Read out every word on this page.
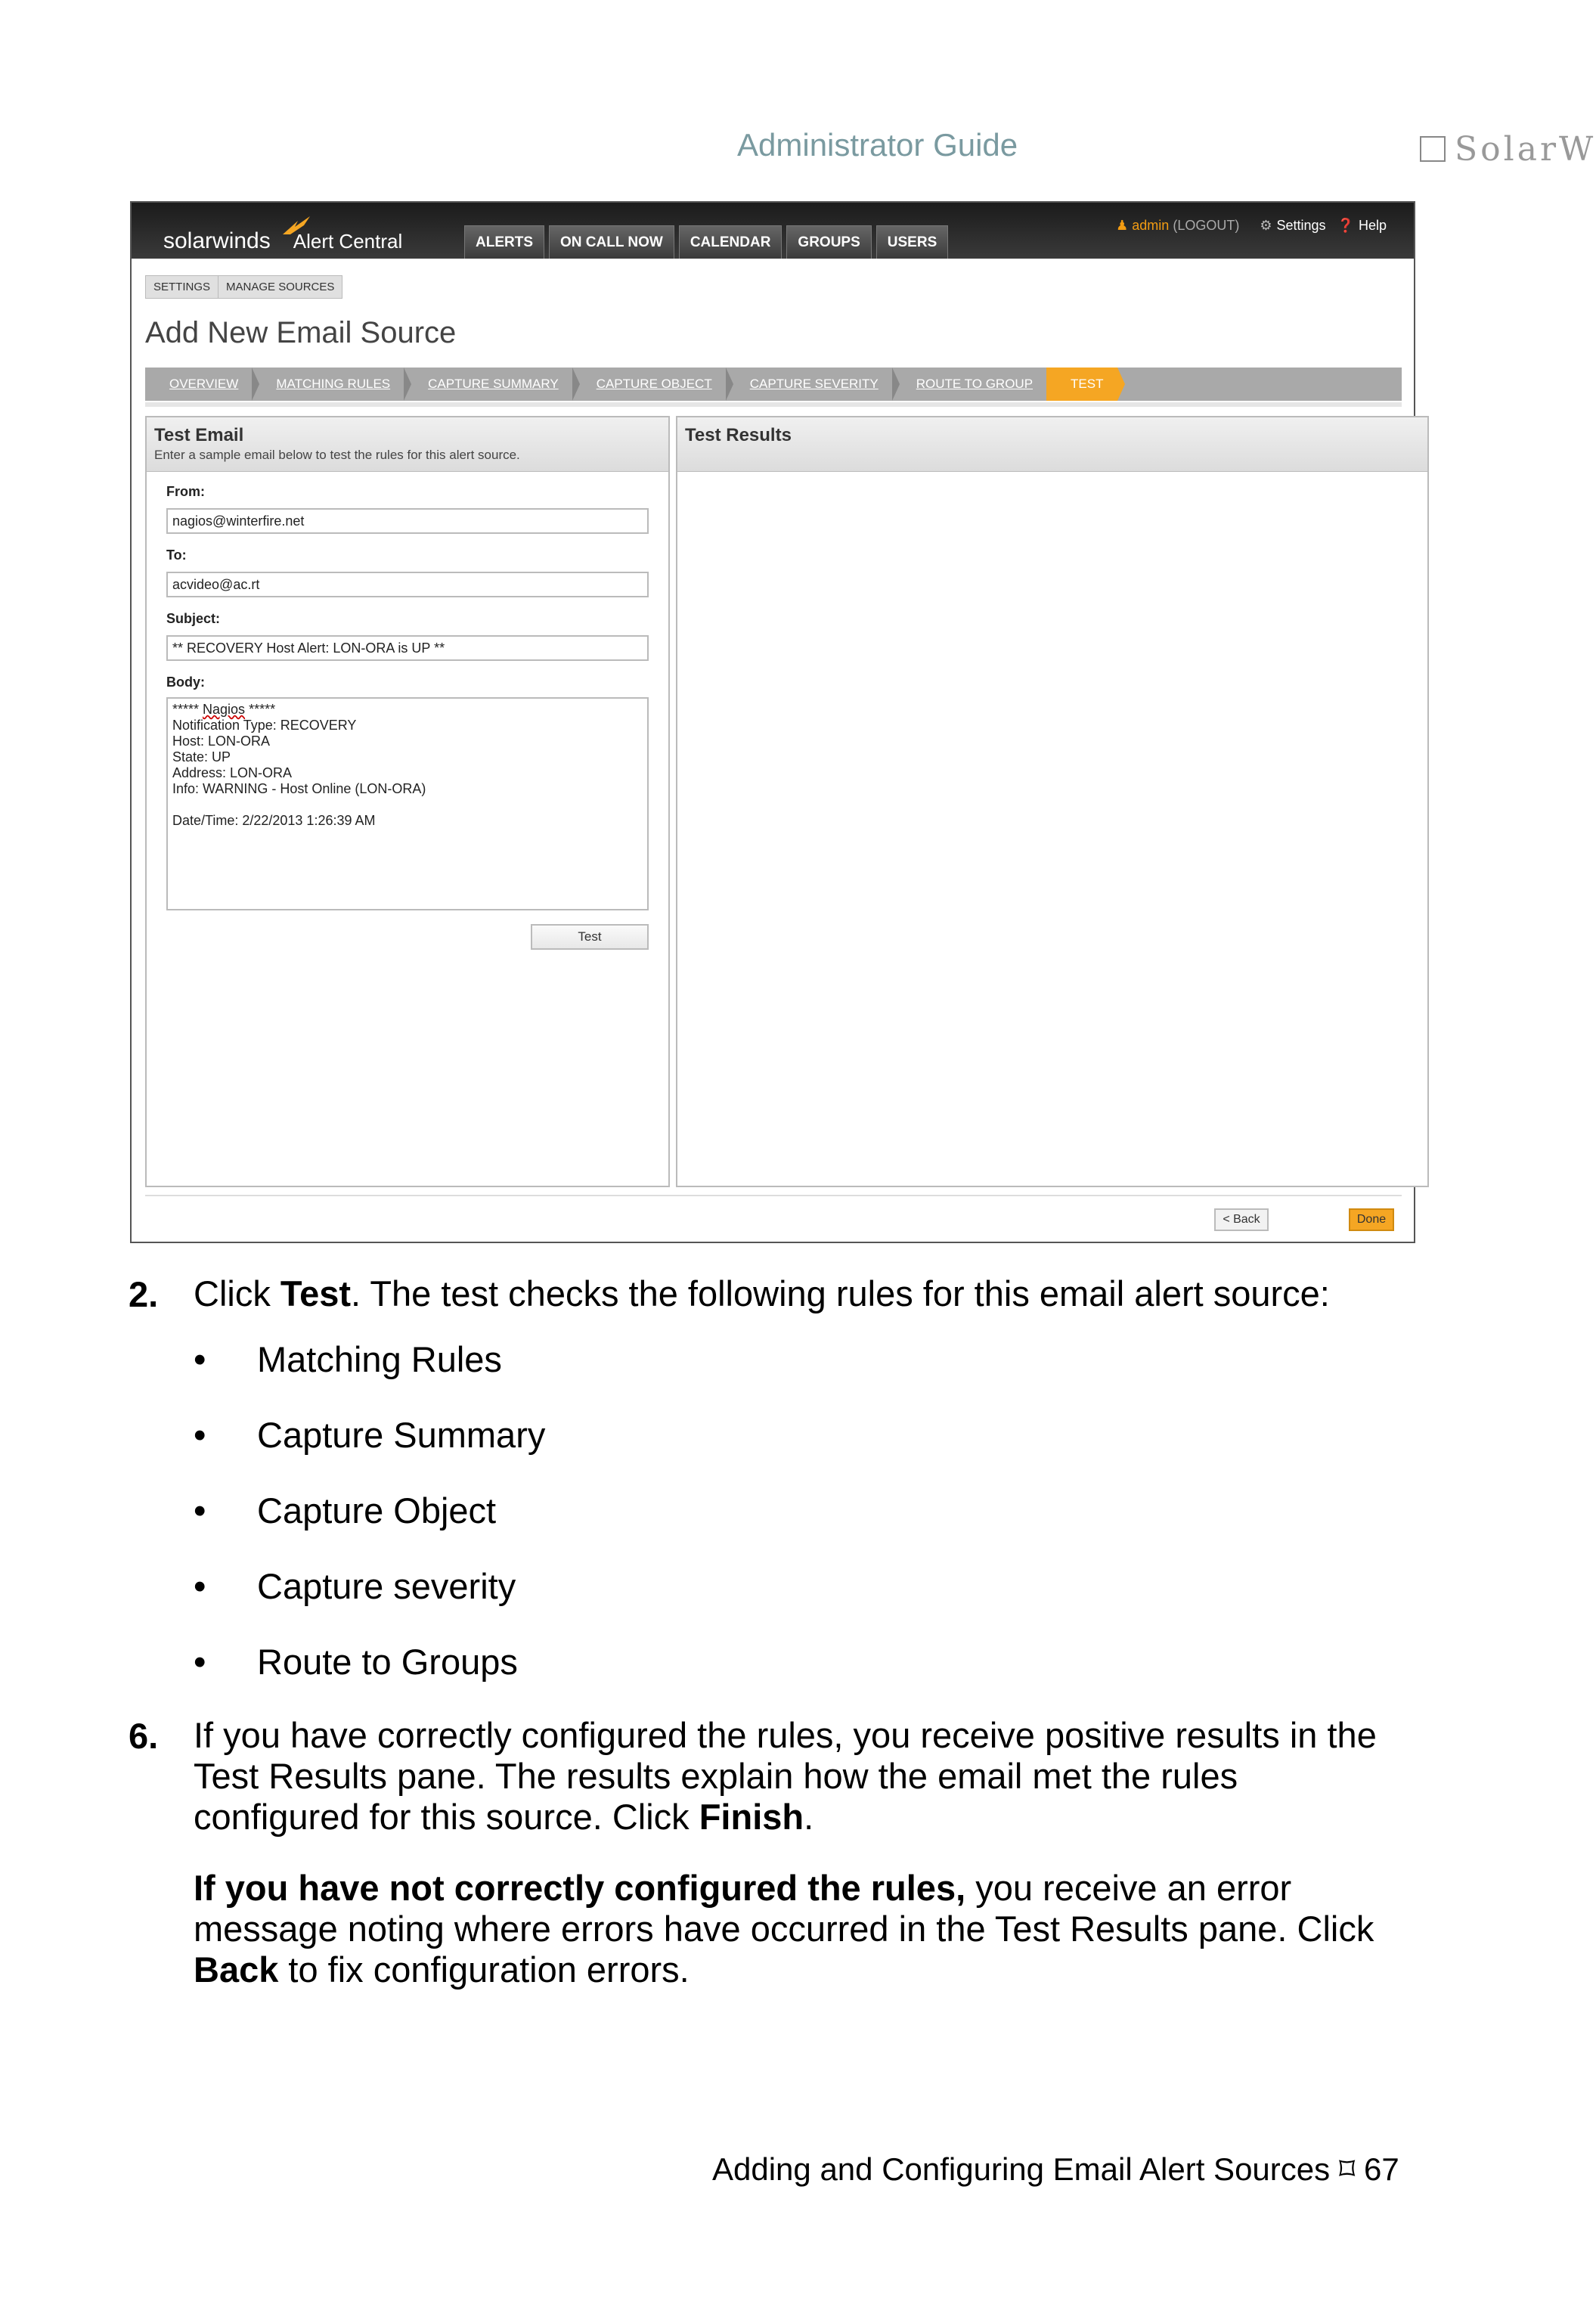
Administrator Guide	SolarW
solarwinds Alert Central	ALERTS	ON CALL NOW	CALENDAR	GROUPS	USERS
♟ admin (LOGOUT) ⚙ Settings ❓ Help
SETTINGS	MANAGE SOURCES
Add New Email Source
OVERVIEW	MATCHING RULES	CAPTURE SUMMARY	CAPTURE OBJECT	CAPTURE SEVERITY	ROUTE TO GROUP	TEST
Test Email
Enter a sample email below to test the rules for this alert source.
From:
nagios@winterfire.net
To:
acvideo@ac.rt
Subject:
** RECOVERY Host Alert: LON-ORA is UP **
Body:
***** Nagios *****
Notification Type: RECOVERY
Host: LON-ORA
State: UP
Address: LON-ORA
Info: WARNING - Host Online (LON-ORA)

Date/Time: 2/22/2013 1:26:39 AM
Test
Test Results
< Back	Done
2. Click Test. The test checks the following rules for this email alert source:
• Matching Rules
• Capture Summary
• Capture Object
• Capture severity
• Route to Groups
6. If you have correctly configured the rules, you receive positive results in the Test Results pane. The results explain how the email met the rules configured for this source. Click Finish.
If you have not correctly configured the rules, you receive an error message noting where errors have occurred in the Test Results pane. Click Back to fix configuration errors.
Adding and Configuring Email Alert Sources ⌑ 67
